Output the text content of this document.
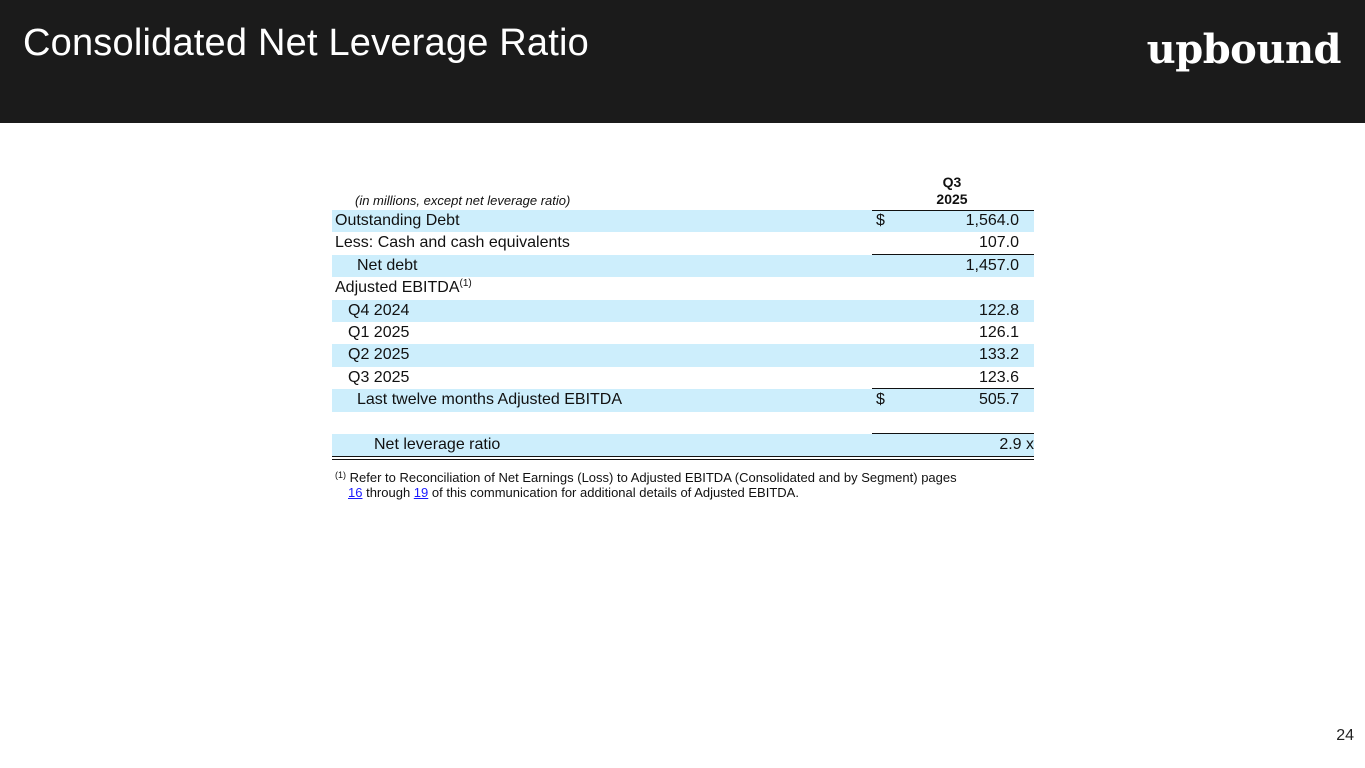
Consolidated Net Leverage Ratio	upbound
(in millions, except net leverage ratio)
Q3
2025
Outstanding Debt	$	1,564.0
Less: Cash and cash equivalents	107.0
Net debt	1,457.0
Adjusted EBITDA$^{(1)}$
Q4 2024	122.8
Q1 2025	126.1
Q2 2025	133.2
Q3 2025	123.6
Last twelve months Adjusted EBITDA	$	505.7
Net leverage ratio	2.9 x
$^{(1)}$ Refer to Reconciliation of Net Earnings (Loss) to Adjusted EBITDA (Consolidated and by Segment) pages
16 through 19 of this communication for additional details of Adjusted EBITDA.
24
